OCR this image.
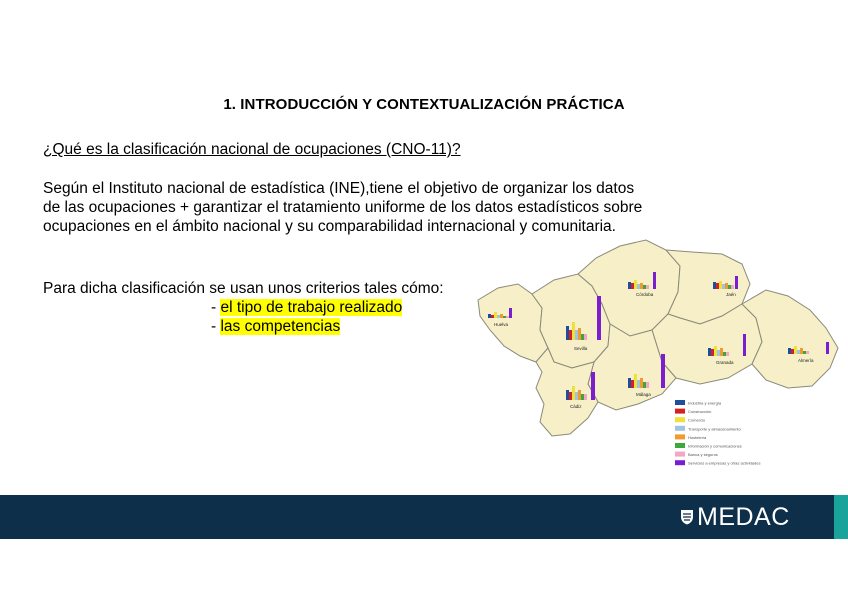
1. INTRODUCCIÓN Y CONTEXTUALIZACIÓN PRÁCTICA
¿Qué es la clasificación nacional de ocupaciones (CNO-11)?
Según el Instituto nacional de estadística (INE),tiene el objetivo de organizar los datos
de las ocupaciones + garantizar el tratamiento uniforme de los datos estadísticos sobre
ocupaciones en el ámbito nacional y su comparabilidad internacional y comunitaria.
Para dicha clasificación se usan unos criterios tales cómo:
- el tipo de trabajo realizado
- las competencias	Huelva
Sevilla
Córdoba	Jaén
Granada	Almería
Málaga
Cádiz
Industria y energía
Construcción
Comercio
Transporte y almacenamiento
Hostelería
Información y comunicaciones
Banca y seguros
Servicios a empresas y otras actividades
MEDAC
